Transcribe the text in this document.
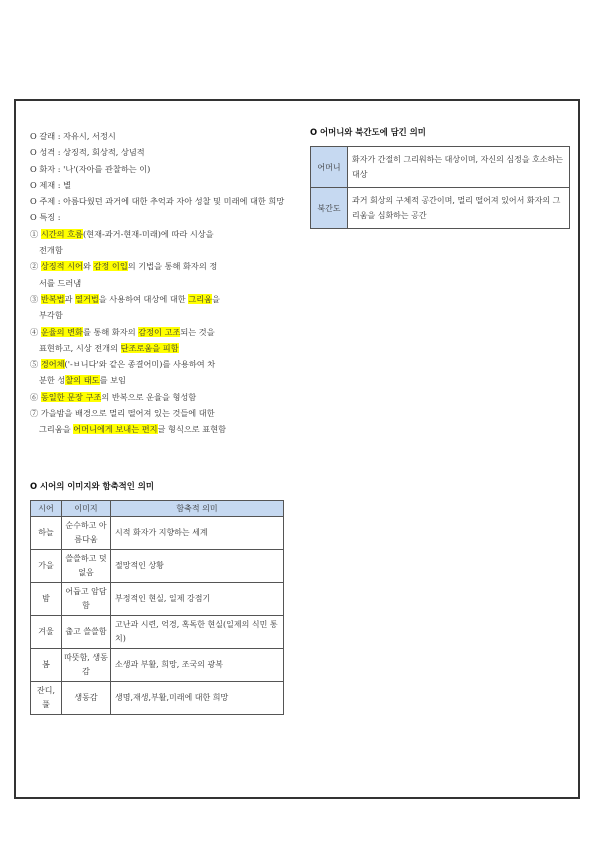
O 갈래 : 자유시, 서정시
O 성격 : 상징적, 회상적, 상념적
O 화자 : '나'(자아를 관찰하는 이)
O 제재 : 별
O 주제 : 아름다웠던 과거에 대한 추억과 자아 성찰 및 미래에 대한 희망
O 특징 :
① 시간의 흐름(현재-과거-현재-미래)에 따라 시상을
전개함
② 상징적 시어와 감정 이입의 기법을 통해 화자의 정
서를 드러냄
③ 반복법과 열거법을 사용하여 대상에 대한 그리움을
부각함
④ 운율의 변화를 통해 화자의 감정이 고조되는 것을
표현하고, 시상 전개의 단조로움을 피함
⑤ 경어체('-ㅂ니다'와 같은 종결어미)를 사용하여 차
분한 성찰의 태도를 보임
⑥ 동일한 문장 구조의 반복으로 운율을 형성함
⑦ 가을밤을 배경으로 멀리 떨어져 있는 것들에 대한
그리움을 어머니에게 보내는 편지글 형식으로 표현함
O 어머니와 북간도에 담긴 의미
어머니	화자가 간절히 그리워하는 대상이며, 자신의 심정을 호소하는 대상
북간도	과거 회상의 구체적 공간이며, 멀리 떨어져 있어서 화자의 그리움을 심화하는 공간
O 시어의 이미지와 함축적인 의미
시어	이미지	함축적 의미
하늘	순수하고 아름다움	시적 화자가 지향하는 세계
가을	쓸쓸하고 덧없음	절망적인 상황
밤	어둡고 암담함	부정적인 현실, 일제 강점기
겨울	춥고 쓸쓸함	고난과 시련, 억경, 혹독한 현실(일제의 식민 통치)
봄	따뜻함, 생동감	소생과 부활, 희망, 조국의 광복
잔디, 풀	생동감	생명,재생,부활,미래에 대한 희망
